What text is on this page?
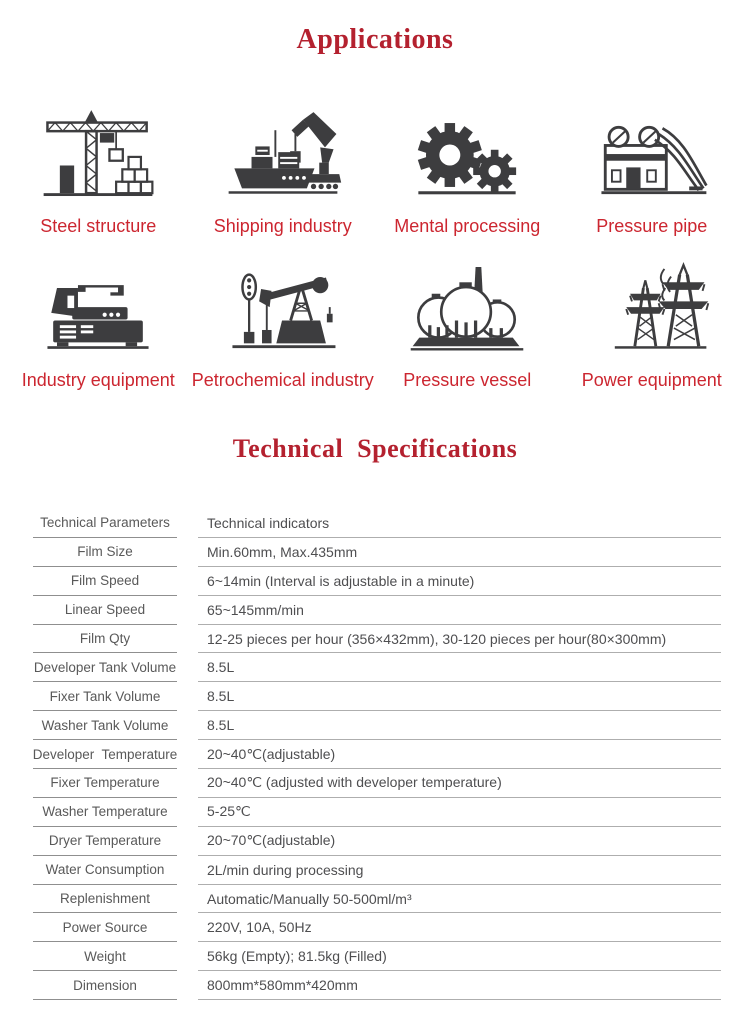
Applications
Steel structure	Shipping industry Mental processing	Pressure pipe
Industry equipment Petrochemical industry Pressure vessel	Power equipment
Technical  Specifications
Technical Parameters	Technical indicators
Film Size	Min.60mm, Max.435mm
Film Speed	6~14min (Interval is adjustable in a minute)
Linear Speed	65~145mm/min
Film Qty	12-25 pieces per hour (356×432mm), 30-120 pieces per hour(80×300mm)
Developer Tank Volume	8.5L
Fixer Tank Volume	8.5L
Washer Tank Volume	8.5L
Developer  Temperature	20~40℃(adjustable)
Fixer Temperature	20~40℃ (adjusted with developer temperature)
Washer Temperature	5-25℃
Dryer Temperature	20~70℃(adjustable)
Water Consumption	2L/min during processing
Replenishment	Automatic/Manually 50-500ml/m³
Power Source	220V, 10A, 50Hz
Weight	56kg (Empty); 81.5kg (Filled)
Dimension	800mm*580mm*420mm
